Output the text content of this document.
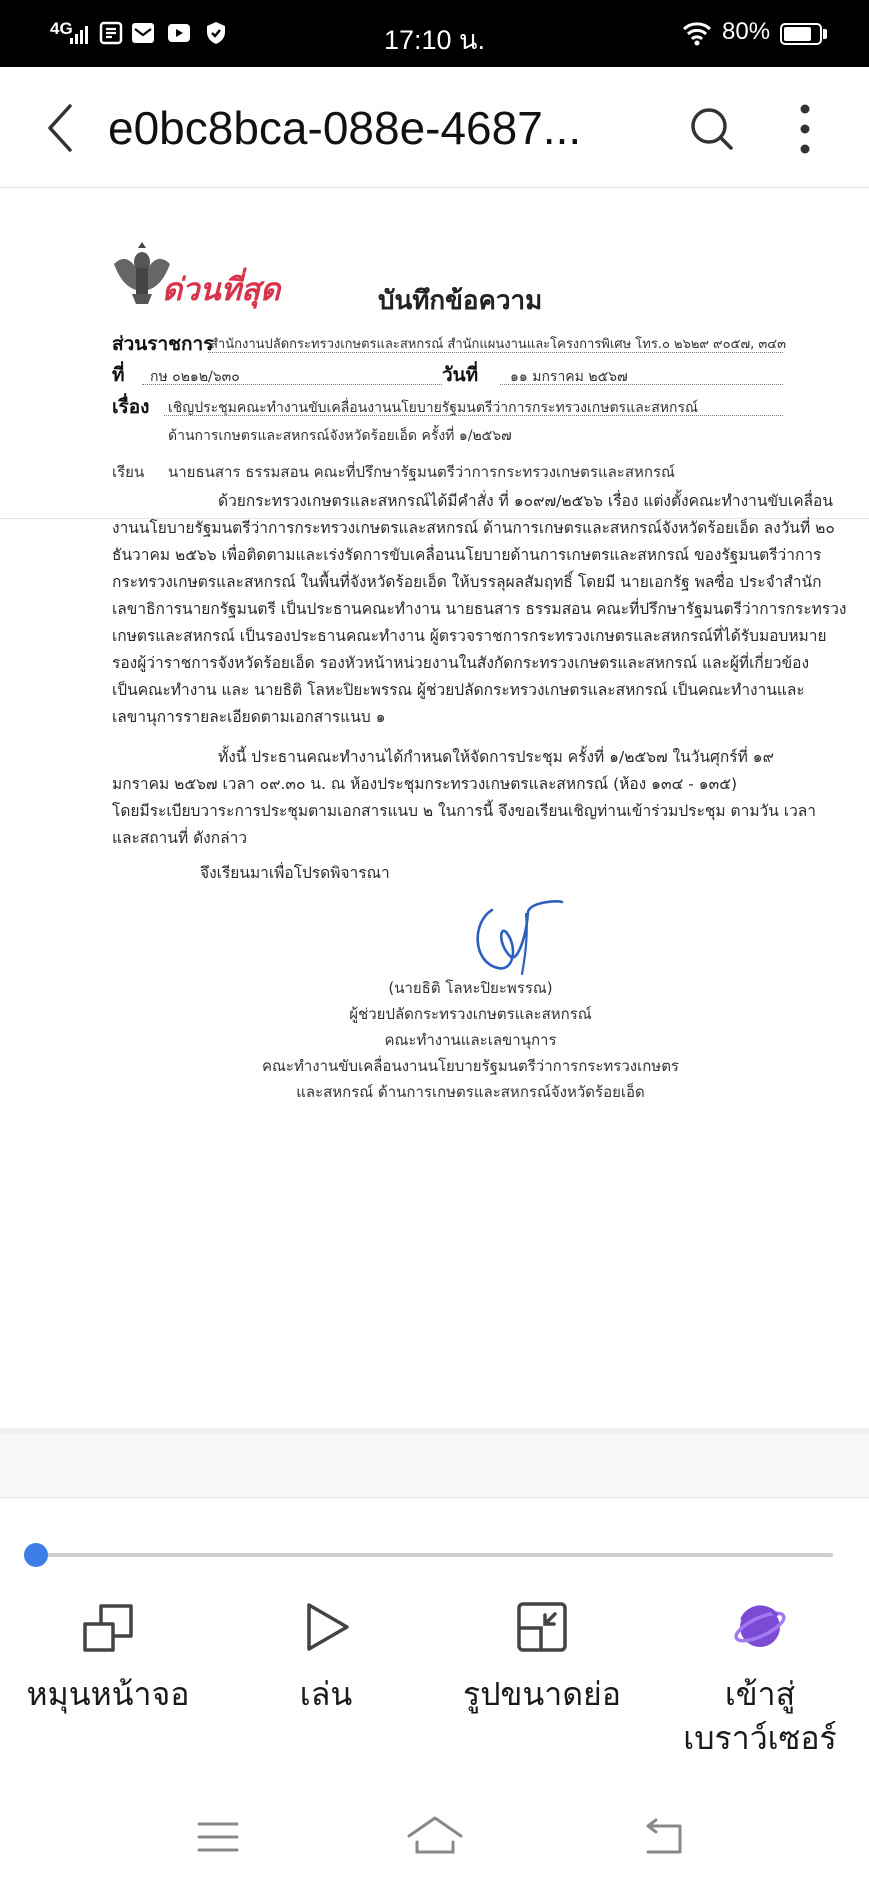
4G	17:10 น.	80%
e0bc8bca-088e-4687...
ด่วนที่สุด	บันทึกข้อความ
ส่วนราชการ
สำนักงานปลัดกระทรวงเกษตรและสหกรณ์ สำนักแผนงานและโครงการพิเศษ โทร.๐ ๒๖๒๙ ๙๐๕๗, ๓๔๓
ที่ กษ ๐๒๑๒/๖๓๐	วันที่ ๑๑ มกราคม ๒๕๖๗
เรื่อง เชิญประชุมคณะทำงานขับเคลื่อนงานนโยบายรัฐมนตรีว่าการกระทรวงเกษตรและสหกรณ์
ด้านการเกษตรและสหกรณ์จังหวัดร้อยเอ็ด ครั้งที่ ๑/๒๕๖๗
เรียน นายธนสาร ธรรมสอน คณะที่ปรึกษารัฐมนตรีว่าการกระทรวงเกษตรและสหกรณ์
ด้วยกระทรวงเกษตรและสหกรณ์ได้มีคำสั่ง ที่ ๑๐๙๗/๒๕๖๖ เรื่อง แต่งตั้งคณะทำงานขับเคลื่อน
งานนโยบายรัฐมนตรีว่าการกระทรวงเกษตรและสหกรณ์ ด้านการเกษตรและสหกรณ์จังหวัดร้อยเอ็ด ลงวันที่ ๒๐
ธันวาคม ๒๕๖๖ เพื่อติดตามและเร่งรัดการขับเคลื่อนนโยบายด้านการเกษตรและสหกรณ์ ของรัฐมนตรีว่าการ
กระทรวงเกษตรและสหกรณ์ ในพื้นที่จังหวัดร้อยเอ็ด ให้บรรลุผลสัมฤทธิ์ โดยมี นายเอกรัฐ พลซื่อ ประจำสำนัก
เลขาธิการนายกรัฐมนตรี เป็นประธานคณะทำงาน นายธนสาร ธรรมสอน คณะที่ปรึกษารัฐมนตรีว่าการกระทรวง
เกษตรและสหกรณ์ เป็นรองประธานคณะทำงาน ผู้ตรวจราชการกระทรวงเกษตรและสหกรณ์ที่ได้รับมอบหมาย
รองผู้ว่าราชการจังหวัดร้อยเอ็ด รองหัวหน้าหน่วยงานในสังกัดกระทรวงเกษตรและสหกรณ์ และผู้ที่เกี่ยวข้อง
เป็นคณะทำงาน และ นายธิติ โลหะปิยะพรรณ ผู้ช่วยปลัดกระทรวงเกษตรและสหกรณ์ เป็นคณะทำงานและ
เลขานุการรายละเอียดตามเอกสารแนบ ๑
ทั้งนี้ ประธานคณะทำงานได้กำหนดให้จัดการประชุม ครั้งที่ ๑/๒๕๖๗ ในวันศุกร์ที่ ๑๙
มกราคม ๒๕๖๗ เวลา ๐๙.๓๐ น. ณ ห้องประชุมกระทรวงเกษตรและสหกรณ์ (ห้อง ๑๓๔ - ๑๓๕)
โดยมีระเบียบวาระการประชุมตามเอกสารแนบ ๒ ในการนี้ จึงขอเรียนเชิญท่านเข้าร่วมประชุม ตามวัน เวลา
และสถานที่ ดังกล่าว
จึงเรียนมาเพื่อโปรดพิจารณา
(นายธิติ โลหะปิยะพรรณ)
ผู้ช่วยปลัดกระทรวงเกษตรและสหกรณ์
คณะทำงานและเลขานุการ
คณะทำงานขับเคลื่อนงานนโยบายรัฐมนตรีว่าการกระทรวงเกษตร
และสหกรณ์ ด้านการเกษตรและสหกรณ์จังหวัดร้อยเอ็ด
หมุนหน้าจอ	เล่น	รูปขนาดย่อ	เข้าสู่
เบราว์เซอร์
